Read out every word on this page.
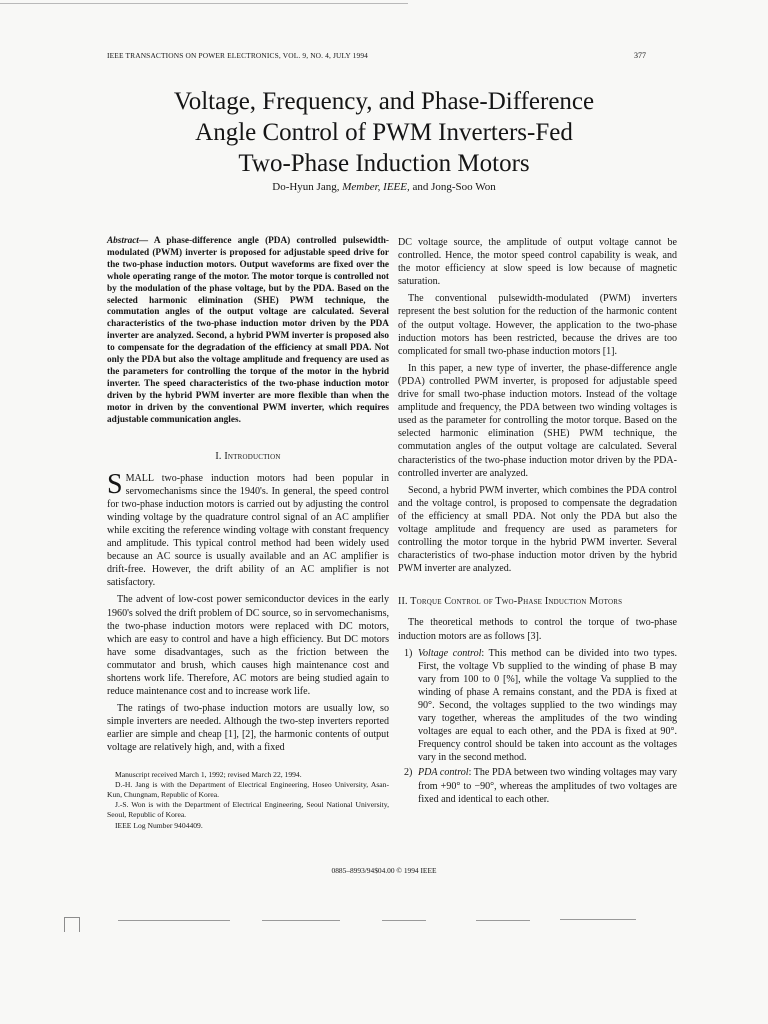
IEEE TRANSACTIONS ON POWER ELECTRONICS, VOL. 9, NO. 4, JULY 1994	377
Voltage, Frequency, and Phase-Difference
Angle Control of PWM Inverters-Fed
Two-Phase Induction Motors
Do-Hyun Jang, Member, IEEE, and Jong-Soo Won

Abstract— A phase-difference angle (PDA) controlled pulsewidth-modulated (PWM) inverter is proposed for adjustable speed drive for the two-phase induction motors. Output waveforms are fixed over the whole operating range of the motor. The motor torque is controlled not by the modulation of the phase voltage, but by the PDA. Based on the selected harmonic elimination (SHE) PWM technique, the commutation angles of the output voltage are calculated. Several characteristics of the two-phase induction motor driven by the PDA inverter are analyzed. Second, a hybrid PWM inverter is proposed also to compensate for the degradation of the efficiency at small PDA. Not only the PDA but also the voltage amplitude and frequency are used as the parameters for controlling the torque of the motor in the hybrid inverter. The speed characteristics of the two-phase induction motor driven by the hybrid PWM inverter are more flexible than when the motor in driven by the conventional PWM inverter, which requires adjustable communication angles.

I. Introduction

SMALL two-phase induction motors had been popular in servomechanisms since the 1940's. In general, the speed control for two-phase induction motors is carried out by adjusting the control winding voltage by the quadrature control signal of an AC amplifier while exciting the reference winding voltage with constant frequency and amplitude. This typical control method had been widely used because an AC source is usually available and an AC amplifier is drift-free. However, the drift ability of an AC amplifier is not satisfactory.

The advent of low-cost power semiconductor devices in the early 1960's solved the drift problem of DC source, so in servomechanisms, the two-phase induction motors were replaced with DC motors, which are easy to control and have a high efficiency. But DC motors have some disadvantages, such as the friction between the commutator and brush, which causes high maintenance cost and shortens work life. Therefore, AC motors are being studied again to reduce maintenance cost and to increase work life.

The ratings of two-phase induction motors are usually low, so simple inverters are needed. Although the two-step inverters reported earlier are simple and cheap [1], [2], the harmonic contents of output voltage are relatively high, and, with a fixed

Manuscript received March 1, 1992; revised March 22, 1994.
D.-H. Jang is with the Department of Electrical Engineering, Hoseo University, Asan-Kun, Chungnam, Republic of Korea.
J.-S. Won is with the Department of Electrical Engineering, Seoul National University, Seoul, Republic of Korea.
IEEE Log Number 9404409.

DC voltage source, the amplitude of output voltage cannot be controlled. Hence, the motor speed control capability is weak, and the motor efficiency at slow speed is low because of magnetic saturation.

The conventional pulsewidth-modulated (PWM) inverters represent the best solution for the reduction of the harmonic content of the output voltage. However, the application to the two-phase induction motors has been restricted, because the drives are too complicated for small two-phase induction motors [1].

In this paper, a new type of inverter, the phase-difference angle (PDA) controlled PWM inverter, is proposed for adjustable speed drive for small two-phase induction motors. Instead of the voltage amplitude and frequency, the PDA between two winding voltages is used as the parameter for controlling the motor torque. Based on the selected harmonic elimination (SHE) PWM technique, the commutation angles of the output voltage are calculated. Several characteristics of the two-phase induction motor driven by the PDA-controlled inverter are analyzed.

Second, a hybrid PWM inverter, which combines the PDA control and the voltage control, is proposed to compensate the degradation of the efficiency at small PDA. Not only the PDA but also the voltage amplitude and frequency are used as parameters for controlling the motor torque in the hybrid PWM inverter. Several characteristics of two-phase induction motor driven by the hybrid PWM inverter are analyzed.

II. Torque Control of Two-Phase Induction Motors

The theoretical methods to control the torque of two-phase induction motors are as follows [3].

1) Voltage control: This method can be divided into two types. First, the voltage Vb supplied to the winding of phase B may vary from 100 to 0 [%], while the voltage Va supplied to the winding of phase A remains constant, and the PDA is fixed at 90°. Second, the voltages supplied to the two windings may vary together, whereas the amplitudes of the two winding voltages are equal to each other, and the PDA is fixed at 90°. Frequency control should be taken into account as the voltages vary in the second method.
2) PDA control: The PDA between two winding voltages may vary from +90° to −90°, whereas the amplitudes of two voltages are fixed and identical to each other.
0885–8993/94$04.00 © 1994 IEEE
